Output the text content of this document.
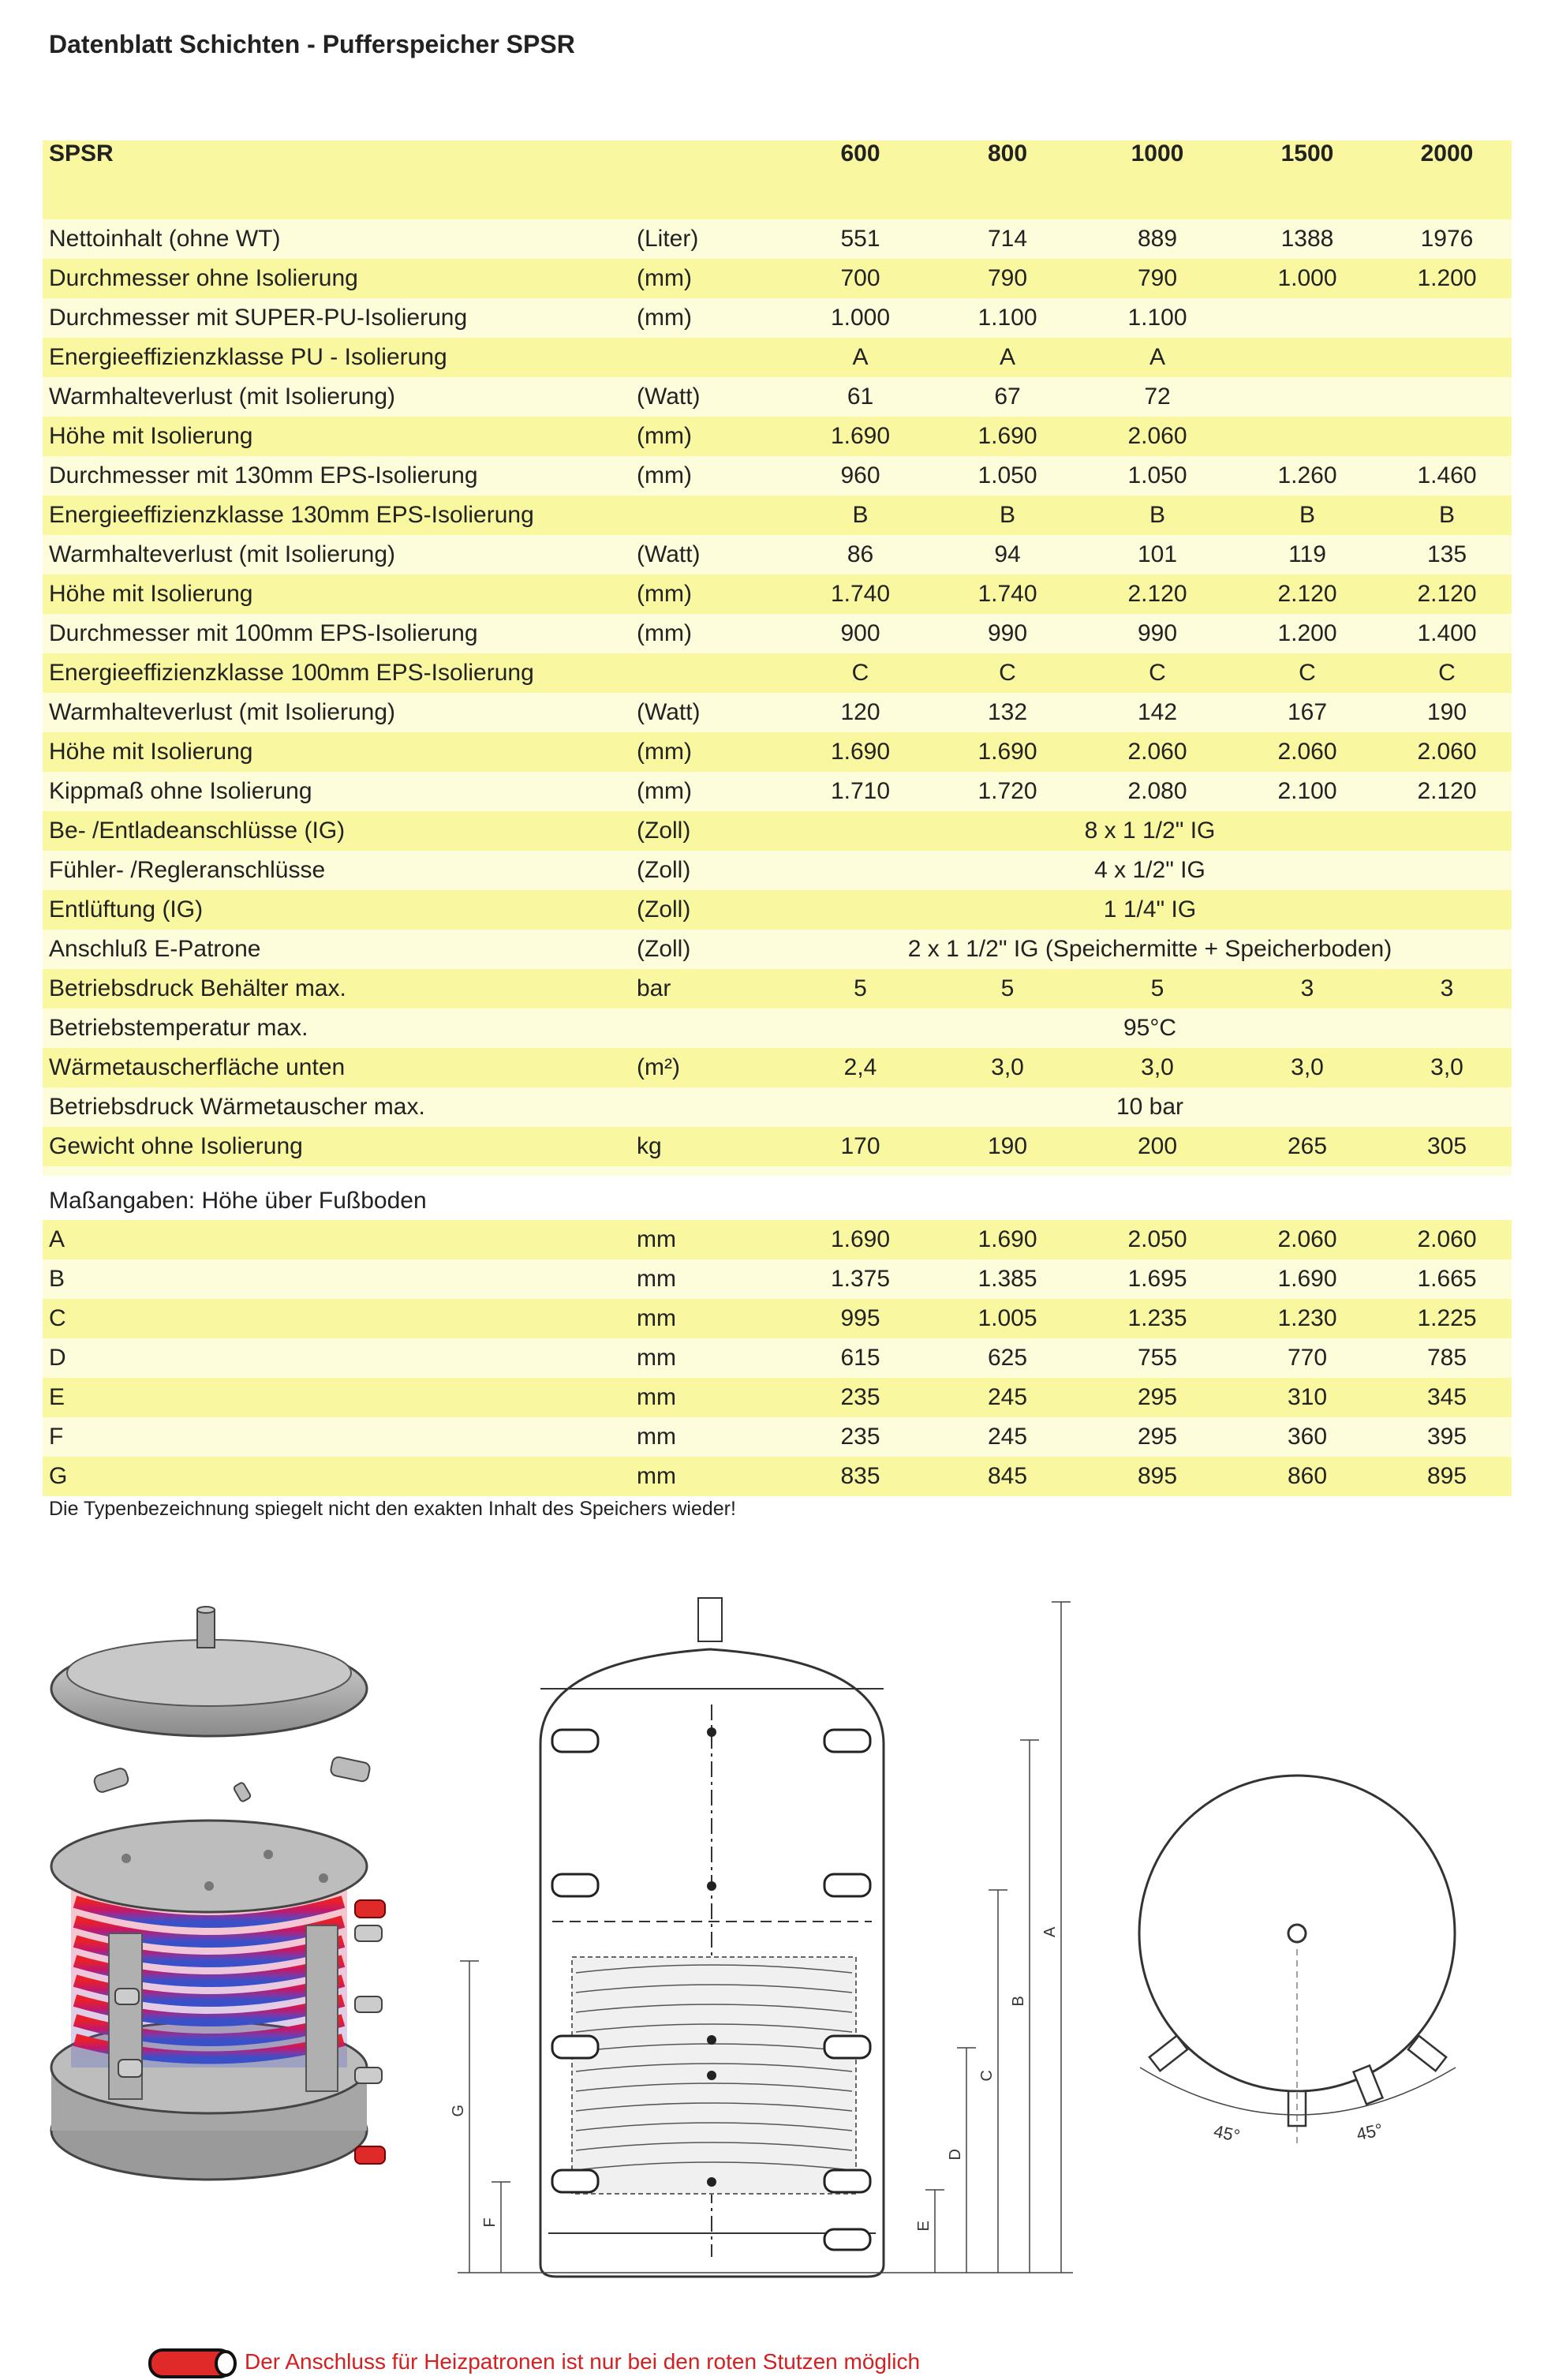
Datenblatt Schichten - Pufferspeicher SPSR
SPSR		600	800	1000	1500	2000
Nettoinhalt (ohne WT)	(Liter)	551	714	889	1388	1976
Durchmesser ohne Isolierung	(mm)	700	790	790	1.000	1.200
Durchmesser mit SUPER-PU-Isolierung	(mm)	1.000	1.100	1.100		
Energieeffizienzklasse PU - Isolierung		A	A	A		
Warmhalteverlust (mit Isolierung)	(Watt)	61	67	72		
Höhe mit Isolierung	(mm)	1.690	1.690	2.060		
Durchmesser mit 130mm EPS-Isolierung	(mm)	960	1.050	1.050	1.260	1.460
Energieeffizienzklasse 130mm EPS-Isolierung		B	B	B	B	B
Warmhalteverlust (mit Isolierung)	(Watt)	86	94	101	119	135
Höhe mit Isolierung	(mm)	1.740	1.740	2.120	2.120	2.120
Durchmesser mit 100mm EPS-Isolierung	(mm)	900	990	990	1.200	1.400
Energieeffizienzklasse 100mm EPS-Isolierung		C	C	C	C	C
Warmhalteverlust (mit Isolierung)	(Watt)	120	132	142	167	190
Höhe mit Isolierung	(mm)	1.690	1.690	2.060	2.060	2.060
Kippmaß ohne Isolierung	(mm)	1.710	1.720	2.080	2.100	2.120
Be- /Entladeanschlüsse (IG)	(Zoll)	8 x 1 1/2" IG				
Fühler- /Regleranschlüsse	(Zoll)	4 x 1/2" IG				
Entlüftung (IG)	(Zoll)	1 1/4" IG				
Anschluß E-Patrone	(Zoll)	2 x 1 1/2" IG (Speichermitte + Speicherboden)				
Betriebsdruck Behälter max.	bar	5	5	5	3	3
Betriebstemperatur max.		95°C				
Wärmetauscherfläche unten	(m²)	2,4	3,0	3,0	3,0	3,0
Betriebsdruck Wärmetauscher max.		10 bar				
Gewicht ohne Isolierung	kg	170	190	200	265	305

Maßangaben: Höhe über Fußboden
A	mm	1.690	1.690	2.050	2.060	2.060
B	mm	1.375	1.385	1.695	1.690	1.665
C	mm	995	1.005	1.235	1.230	1.225
D	mm	615	625	755	770	785
E	mm	235	245	295	310	345
F	mm	235	245	295	360	395
G	mm	835	845	895	860	895
Die Typenbezeichnung spiegelt nicht den exakten Inhalt des Speichers wieder!
A
B
C
D
E
F
G
45°	45°
Der Anschluss für Heizpatronen ist nur bei den roten Stutzen möglich
